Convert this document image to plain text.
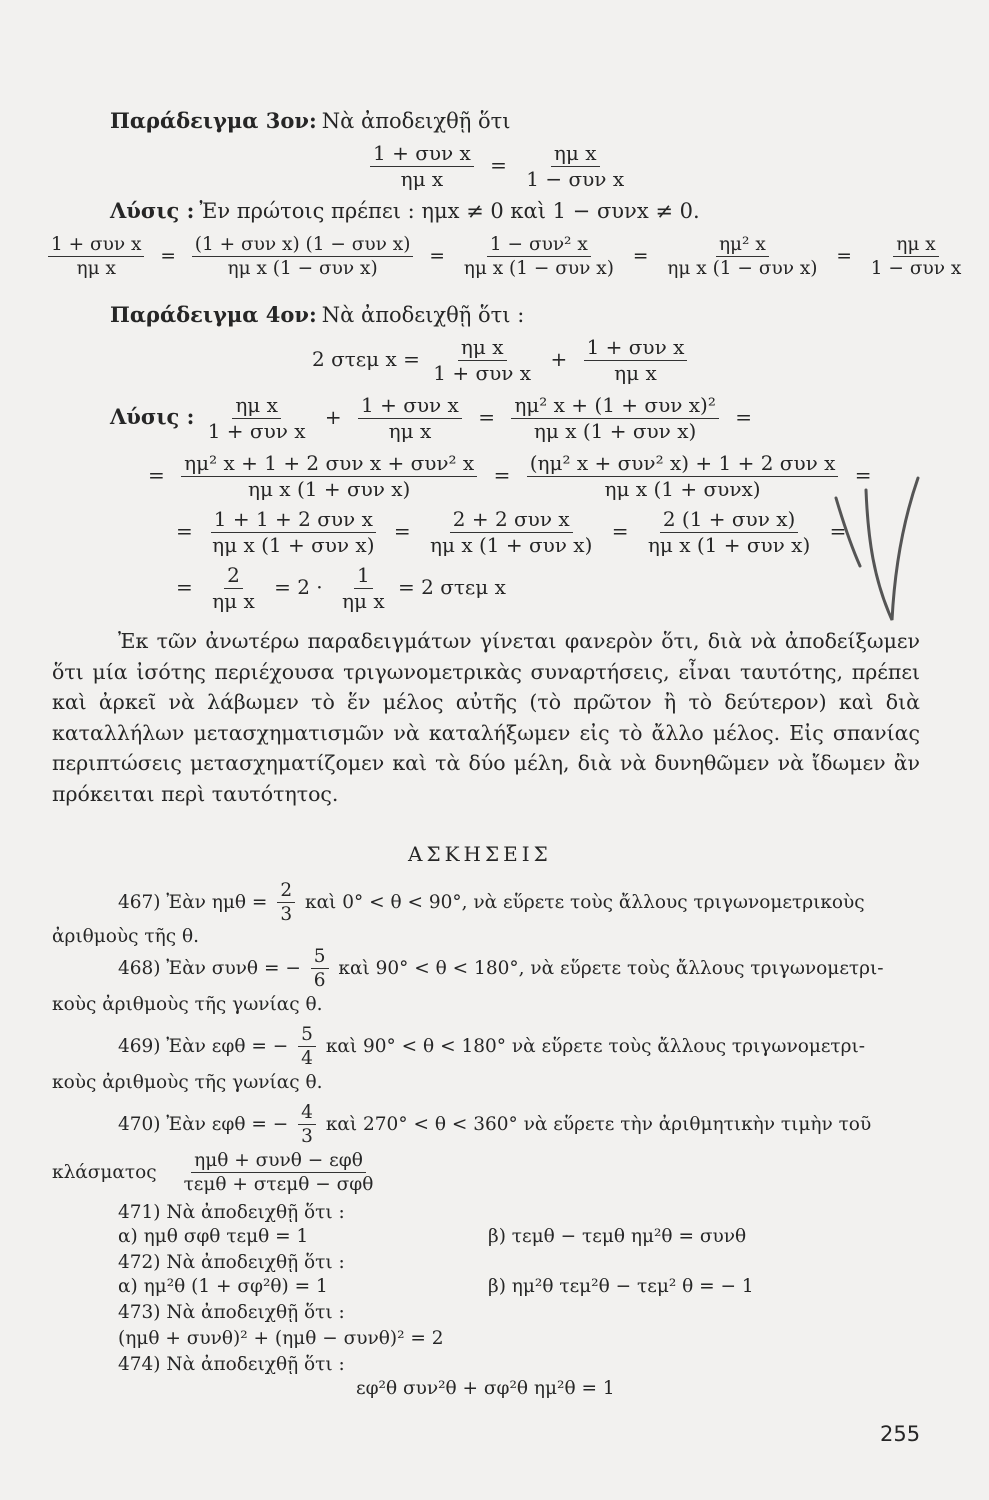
Παράδειγμα 3ον: Νὰ ἀποδειχθῇ ὅτι
$\frac{\text{1 + συν x}}{\text{ημ x}} = \frac{\text{ημ x}}{\text{1 − συν x}}$
Λύσις : Ἐν πρώτοις πρέπει : ημx ≠ 0 καὶ 1 − συνx ≠ 0.
$\frac{\text{1 + συν x}}{\text{ημ x}} = \frac{\text{(1 + συν x) (1 − συν x)}}{\text{ημ x (1 − συν x)}} = \frac{\text{1 − συν² x}}{\text{ημ x (1 − συν x)}} = \frac{\text{ημ² x}}{\text{ημ x (1 − συν x)}} = \frac{\text{ημ x}}{\text{1 − συν x}}$
Παράδειγμα 4ον: Νὰ ἀποδειχθῇ ὅτι :
2 στεμ $x = \frac{\text{ημ x}}{\text{1 + συν x}} + \frac{\text{1 + συν x}}{\text{ημ x}}$
Λύσις : $\frac{\text{ημ x}}{\text{1 + συν x}} + \frac{\text{1 + συν x}}{\text{ημ x}} = \frac{\text{ημ² x + (1 + συν x)²}}{\text{ημ x (1 + συν x)}}$ =
= $\frac{\text{ημ² x + 1 + 2 συν x + συν² x}}{\text{ημ x (1 + συν x)}} = \frac{\text{(ημ² x + συν² x) + 1 + 2 συν x}}{\text{ημ x (1 + συνx)}}$ =
= $\frac{\text{1 + 1 + 2 συν x}}{\text{ημ x (1 + συν x)}} = \frac{\text{2 + 2 συν x}}{\text{ημ x (1 + συν x)}} = \frac{\text{2 (1 + συν x)}}{\text{ημ x (1 + συν x)}}$ =
= $\frac{2}{\text{ημ x}} = 2 \cdot \frac{1}{\text{ημ x}} = 2$ στεμ x
Ἐκ τῶν ἀνωτέρω παραδειγμάτων γίνεται φανερὸν ὅτι, διὰ νὰ ἀποδείξωμεν ὅτι μία ἰσότης περιέχουσα τριγωνομετρικὰς συναρτήσεις, εἶναι ταυτότης, πρέπει καὶ ἀρκεῖ νὰ λάβωμεν τὸ ἕν μέλος αὐτῆς (τὸ πρῶτον ἢ τὸ δεύτερον) καὶ διὰ καταλλήλων μετασχηματισμῶν νὰ καταλήξωμεν εἰς τὸ ἄλλο μέλος. Εἰς σπανίας περιπτώσεις μετασχηματίζομεν καὶ τὰ δύο μέλη, διὰ νὰ δυνηθῶμεν νὰ ἴδωμεν ἂν πρόκειται περὶ ταυτότητος.
ΑΣΚΗΣΕΙΣ
467) Ἐὰν $\eta\mu\theta = \frac{2}{3}$ καὶ 0° < θ < 90°, νὰ εὕρετε τοὺς ἄλλους τριγωνομετρικοὺς
ἀριθμοὺς τῆς θ.
468) Ἐὰν συνθ = − $\frac{5}{6}$ καὶ 90° < θ < 180°, νὰ εὕρετε τοὺς ἄλλους τριγωνομετρι-
κοὺς ἀριθμοὺς τῆς γωνίας θ.
469) Ἐὰν εφθ = − $\frac{5}{4}$ καὶ 90° < θ < 180° νὰ εὕρετε τοὺς ἄλλους τριγωνομετρι-
κοὺς ἀριθμοὺς τῆς γωνίας θ.
470) Ἐὰν εφθ = − $\frac{4}{3}$ καὶ 270° < θ < 360° νὰ εὕρετε τὴν ἀριθμητικὴν τιμὴν τοῦ
κλάσματος $\frac{\text{ημθ + συνθ − εφθ}}{\text{τεμθ + στεμθ − σφθ}}$
471) Νὰ ἀποδειχθῇ ὅτι :
α) ημθ σφθ τεμθ = 1	β) τεμθ − τεμθ ημ²θ = συνθ
472) Νὰ ἀποδειχθῇ ὅτι :
α) ημ²θ (1 + σφ²θ) = 1	β) ημ²θ τεμ²θ − τεμ² θ = − 1
473) Νὰ ἀποδειχθῇ ὅτι :
(ημθ + συνθ)² + (ημθ − συνθ)² = 2
474) Νὰ ἀποδειχθῇ ὅτι :
εφ²θ συν²θ + σφ²θ ημ²θ = 1
255
